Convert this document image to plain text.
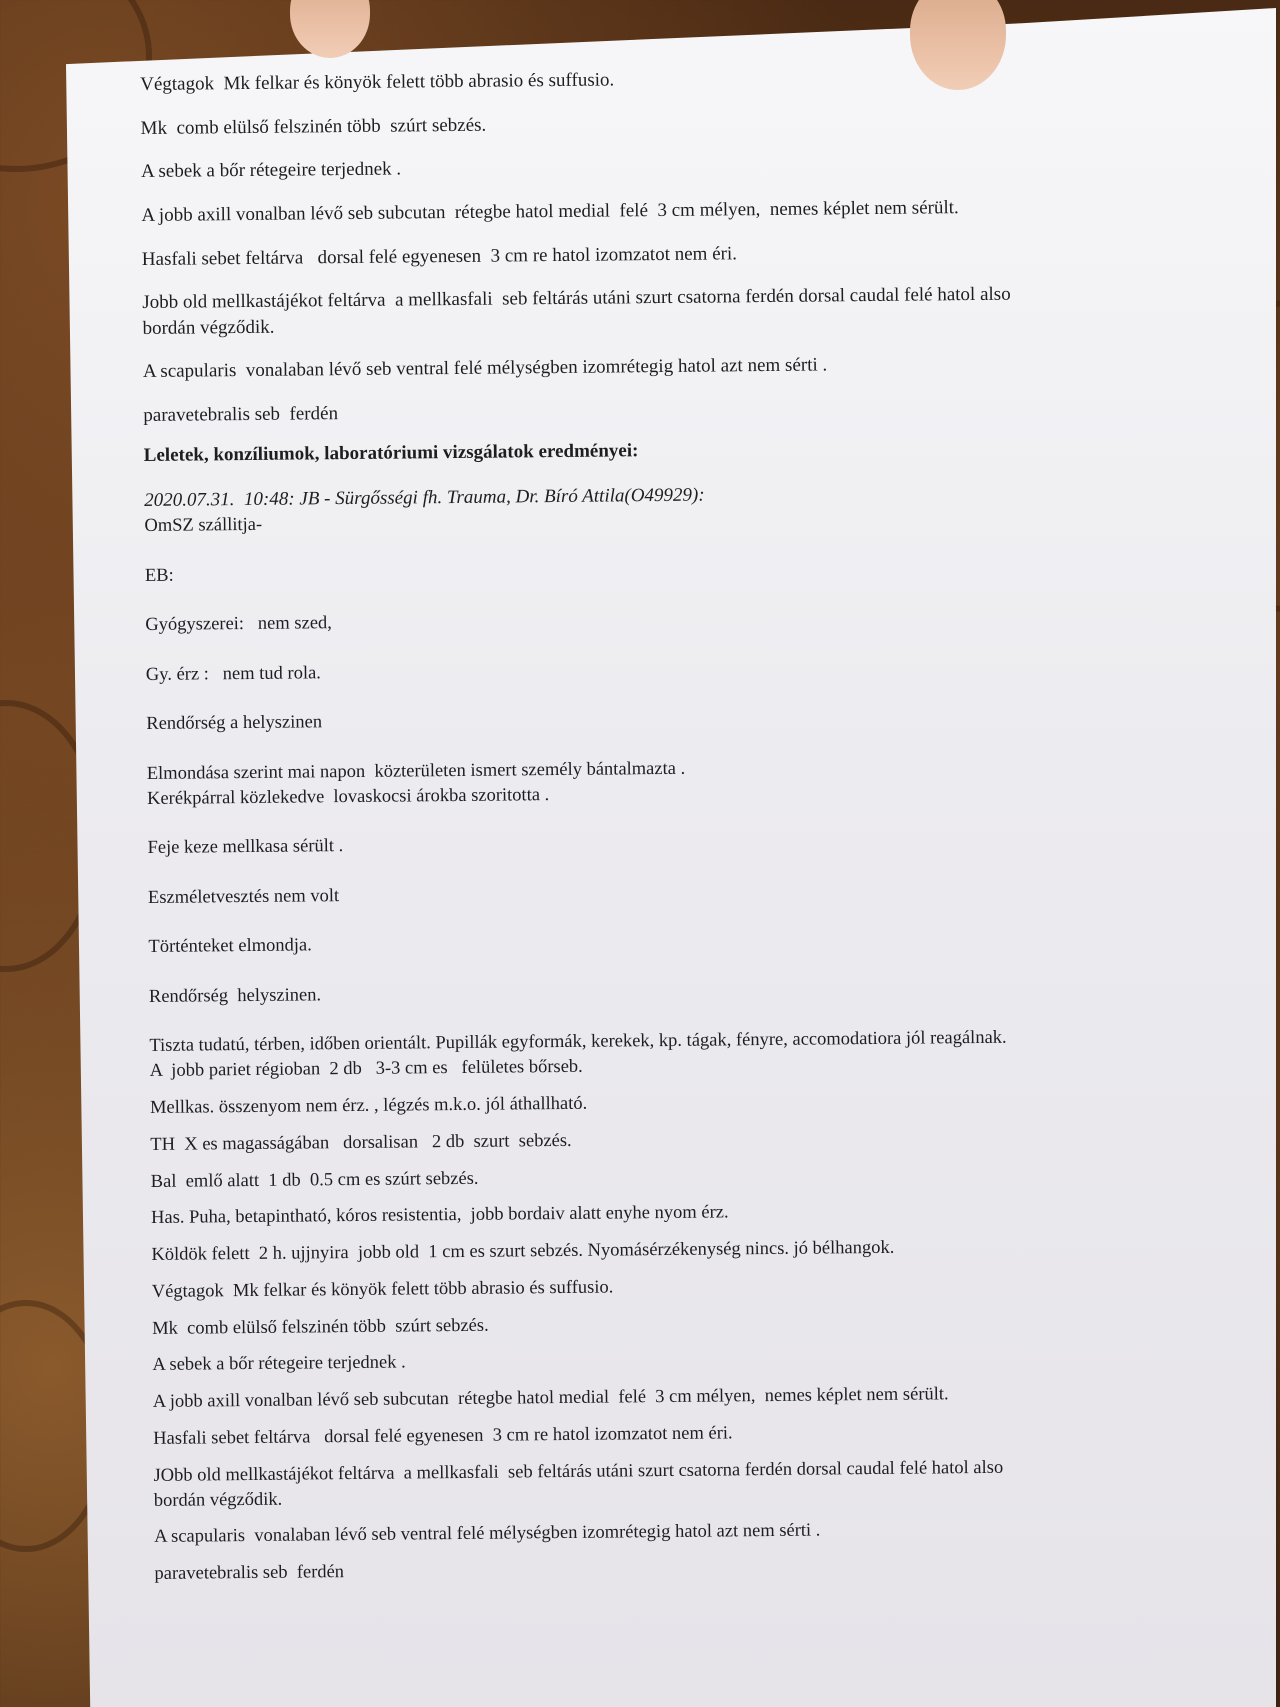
Végtagok  Mk felkar és könyök felett több abrasio és suffusio.
Mk  comb elülső felszinén több  szúrt sebzés.
A sebek a bőr rétegeire terjednek .
A jobb axill vonalban lévő seb subcutan  rétegbe hatol medial  felé  3 cm mélyen,  nemes képlet nem sérült.
Hasfali sebet feltárva   dorsal felé egyenesen  3 cm re hatol izomzatot nem éri.
Jobb old mellkastájékot feltárva  a mellkasfali  seb feltárás utáni szurt csatorna ferdén dorsal caudal felé hatol also
bordán végződik.
A scapularis  vonalaban lévő seb ventral felé mélységben izomrétegig hatol azt nem sérti .
paravetebralis seb  ferdén
Leletek, konzíliumok, laboratóriumi vizsgálatok eredményei:
2020.07.31.  10:48: JB - Sürgősségi fh. Trauma, Dr. Bíró Attila(O49929):
OmSZ szállitja-

EB:

Gyógyszerei:   nem szed,

Gy. érz :   nem tud rola.

Rendőrség a helyszinen

Elmondása szerint mai napon  közterületen ismert személy bántalmazta .
Kerékpárral közlekedve  lovaskocsi árokba szoritotta .

Feje keze mellkasa sérült .

Eszméletvesztés nem volt

Történteket elmondja.

Rendőrség  helyszinen.

Tiszta tudatú, térben, időben orientált. Pupillák egyformák, kerekek, kp. tágak, fényre, accomodatiora jól reagálnak.
A  jobb pariet régioban  2 db   3-3 cm es   felületes bőrseb.
Mellkas. összenyom nem érz. , légzés m.k.o. jól áthallható.
TH  X es magasságában   dorsalisan   2 db  szurt  sebzés.
Bal  emlő alatt  1 db  0.5 cm es szúrt sebzés.
Has. Puha, betapintható, kóros resistentia,  jobb bordaiv alatt enyhe nyom érz.
Köldök felett  2 h. ujjnyira  jobb old  1 cm es szurt sebzés. Nyomásérzékenység nincs. jó bélhangok.
Végtagok  Mk felkar és könyök felett több abrasio és suffusio.
Mk  comb elülső felszinén több  szúrt sebzés.
A sebek a bőr rétegeire terjednek .
A jobb axill vonalban lévő seb subcutan  rétegbe hatol medial  felé  3 cm mélyen,  nemes képlet nem sérült.
Hasfali sebet feltárva   dorsal felé egyenesen  3 cm re hatol izomzatot nem éri.
JObb old mellkastájékot feltárva  a mellkasfali  seb feltárás utáni szurt csatorna ferdén dorsal caudal felé hatol also
bordán végződik.
A scapularis  vonalaban lévő seb ventral felé mélységben izomrétegig hatol azt nem sérti .
paravetebralis seb  ferdén
